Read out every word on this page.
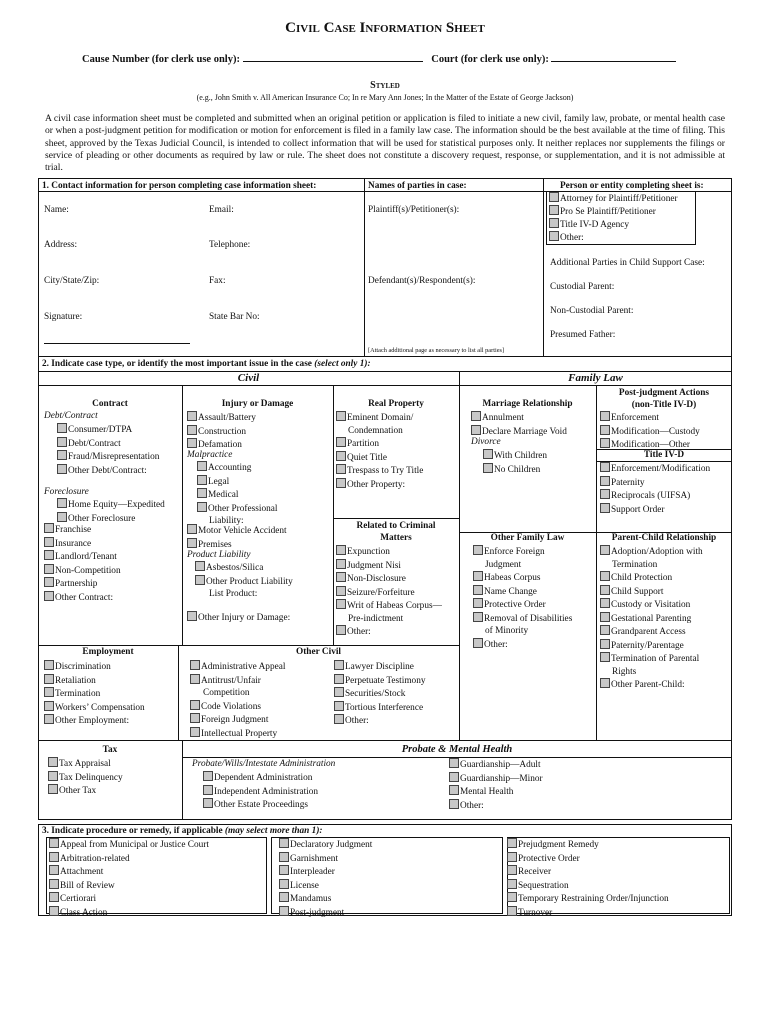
Civil Case Information Sheet
Cause Number (for clerk use only):	Court (for clerk use only):
Styled
(e.g., John Smith v. All American Insurance Co; In re Mary Ann Jones; In the Matter of the Estate of George Jackson)
A civil case information sheet must be completed and submitted when an original petition or application is filed to initiate a new civil, family law, probate, or mental health case or when a post-judgment petition for modification or motion for enforcement is filed in a family law case. The information should be the best available at the time of filing. This sheet, approved by the Texas Judicial Council, is intended to collect information that will be used for statistical purposes only. It neither replaces nor supplements the filings or service of pleading or other documents as required by law or rule. The sheet does not constitute a discovery request, response, or supplementation, and it is not admissible at trial.
1. Contact information for person completing case information sheet:	Names of parties in case:	Person or entity completing sheet is:
Name:	Email:
Address:	Telephone:
City/State/Zip:	Fax:
Signature:	State Bar No:
Plaintiff(s)/Petitioner(s):
Defendant(s)/Respondent(s):
[Attach additional page as necessary to list all parties]
Attorney for Plaintiff/Petitioner
Pro Se Plaintiff/Petitioner
Title IV-D Agency
Other:
Additional Parties in Child Support Case:
Custodial Parent:
Non-Custodial Parent:
Presumed Father:
2. Indicate case type, or identify the most important issue in the case (select only 1):
Civil	Family Law
Contract
Debt/Contract
Consumer/DTPA
Debt/Contract
Fraud/Misrepresentation
Other Debt/Contract:
Foreclosure
Home Equity—Expedited
Other Foreclosure
Franchise
Insurance
Landlord/Tenant
Non-Competition
Partnership
Other Contract:
Injury or Damage
Assault/Battery
Construction
Defamation
Malpractice
Accounting
Legal
Medical
Other Professional
Liability:
Motor Vehicle Accident
Premises
Product Liability
Asbestos/Silica
Other Product Liability
List Product:
Other Injury or Damage:
Real Property
Eminent Domain/
Condemnation
Partition
Quiet Title
Trespass to Try Title
Other Property:
Related to Criminal
Matters
Expunction
Judgment Nisi
Non-Disclosure
Seizure/Forfeiture
Writ of Habeas Corpus—
Pre-indictment
Other:
Marriage Relationship
Annulment
Declare Marriage Void
Divorce
With Children
No Children
Other Family Law
Enforce Foreign
Judgment
Habeas Corpus
Name Change
Protective Order
Removal of Disabilities
of Minority
Other:
Post-judgment Actions
(non-Title IV-D)
Enforcement
Modification—Custody
Modification—Other
Title IV-D
Enforcement/Modification
Paternity
Reciprocals (UIFSA)
Support Order
Parent-Child Relationship
Adoption/Adoption with
Termination
Child Protection
Child Support
Custody or Visitation
Gestational Parenting
Grandparent Access
Paternity/Parentage
Termination of Parental
Rights
Other Parent-Child:
Employment	Other Civil
Discrimination
Retaliation
Termination
Workers’ Compensation
Other Employment:
Administrative Appeal
Antitrust/Unfair
Competition
Code Violations
Foreign Judgment
Intellectual Property
Lawyer Discipline
Perpetuate Testimony
Securities/Stock
Tortious Interference
Other:
Tax
Tax Appraisal
Tax Delinquency
Other Tax
Probate & Mental Health
Probate/Wills/Intestate Administration
Dependent Administration
Independent Administration
Other Estate Proceedings
Guardianship—Adult
Guardianship—Minor
Mental Health
Other:
3. Indicate procedure or remedy, if applicable (may select more than 1):
Appeal from Municipal or Justice Court
Arbitration-related
Attachment
Bill of Review
Certiorari
Class Action
Declaratory Judgment
Garnishment
Interpleader
License
Mandamus
Post-judgment
Prejudgment Remedy
Protective Order
Receiver
Sequestration
Temporary Restraining Order/Injunction
Turnover
